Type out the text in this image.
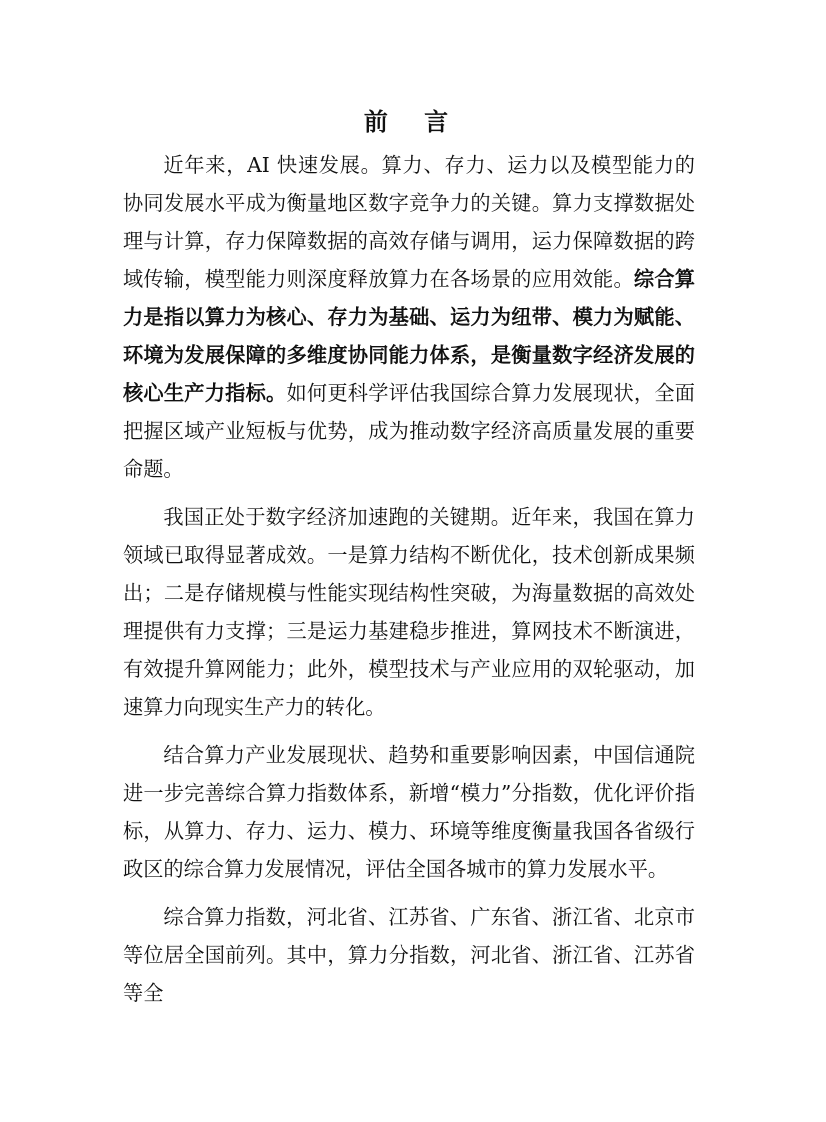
前 言

近年来，AI 快速发展。算力、存力、运力以及模型能力的协同发展水平成为衡量地区数字竞争力的关键。算力支撑数据处理与计算，存力保障数据的高效存储与调用，运力保障数据的跨域传输，模型能力则深度释放算力在各场景的应用效能。综合算力是指以算力为核心、存力为基础、运力为纽带、模力为赋能、环境为发展保障的多维度协同能力体系，是衡量数字经济发展的核心生产力指标。如何更科学评估我国综合算力发展现状，全面把握区域产业短板与优势，成为推动数字经济高质量发展的重要命题。

我国正处于数字经济加速跑的关键期。近年来，我国在算力领域已取得显著成效。一是算力结构不断优化，技术创新成果频出；二是存储规模与性能实现结构性突破，为海量数据的高效处理提供有力支撑；三是运力基建稳步推进，算网技术不断演进，有效提升算网能力；此外，模型技术与产业应用的双轮驱动，加速算力向现实生产力的转化。

结合算力产业发展现状、趋势和重要影响因素，中国信通院进一步完善综合算力指数体系，新增“模力”分指数，优化评价指标，从算力、存力、运力、模力、环境等维度衡量我国各省级行政区的综合算力发展情况，评估全国各城市的算力发展水平。

综合算力指数，河北省、江苏省、广东省、浙江省、北京市等位居全国前列。其中，算力分指数，河北省、浙江省、江苏省等全
